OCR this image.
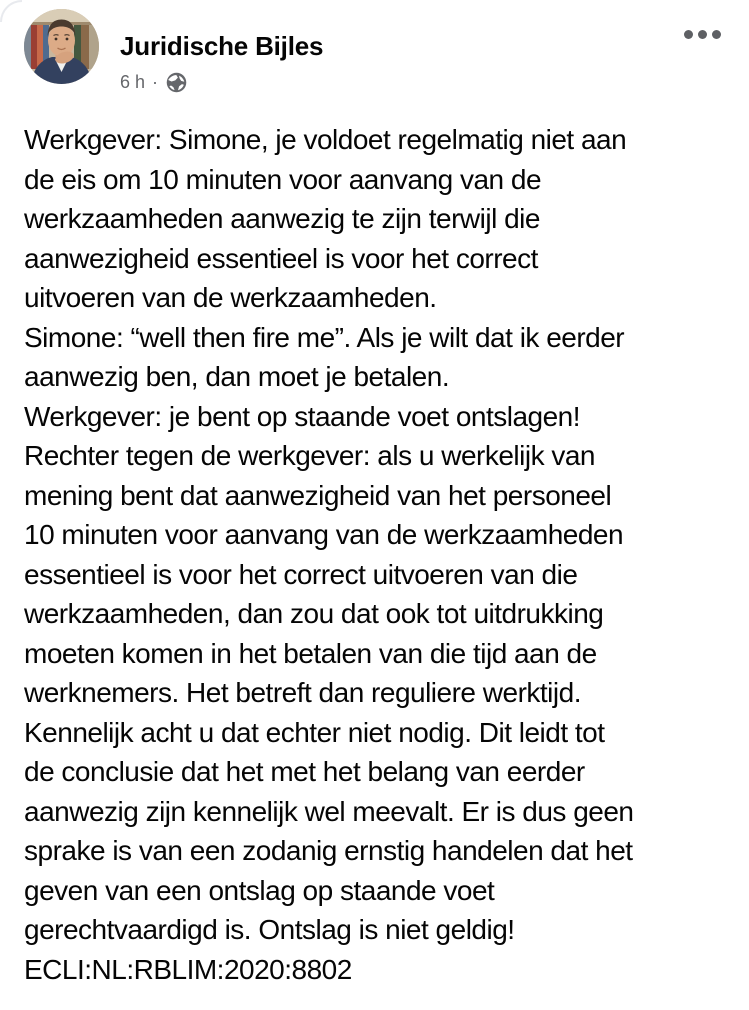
Juridische Bijles
6 h ·
Werkgever: Simone, je voldoet regelmatig niet aan
de eis om 10 minuten voor aanvang van de
werkzaamheden aanwezig te zijn terwijl die
aanwezigheid essentieel is voor het correct
uitvoeren van de werkzaamheden.
Simone: “well then fire me”. Als je wilt dat ik eerder
aanwezig ben, dan moet je betalen.
Werkgever: je bent op staande voet ontslagen!
Rechter tegen de werkgever: als u werkelijk van
mening bent dat aanwezigheid van het personeel
10 minuten voor aanvang van de werkzaamheden
essentieel is voor het correct uitvoeren van die
werkzaamheden, dan zou dat ook tot uitdrukking
moeten komen in het betalen van die tijd aan de
werknemers. Het betreft dan reguliere werktijd.
Kennelijk acht u dat echter niet nodig. Dit leidt tot
de conclusie dat het met het belang van eerder
aanwezig zijn kennelijk wel meevalt. Er is dus geen
sprake is van een zodanig ernstig handelen dat het
geven van een ontslag op staande voet
gerechtvaardigd is. Ontslag is niet geldig!
ECLI:NL:RBLIM:2020:8802
